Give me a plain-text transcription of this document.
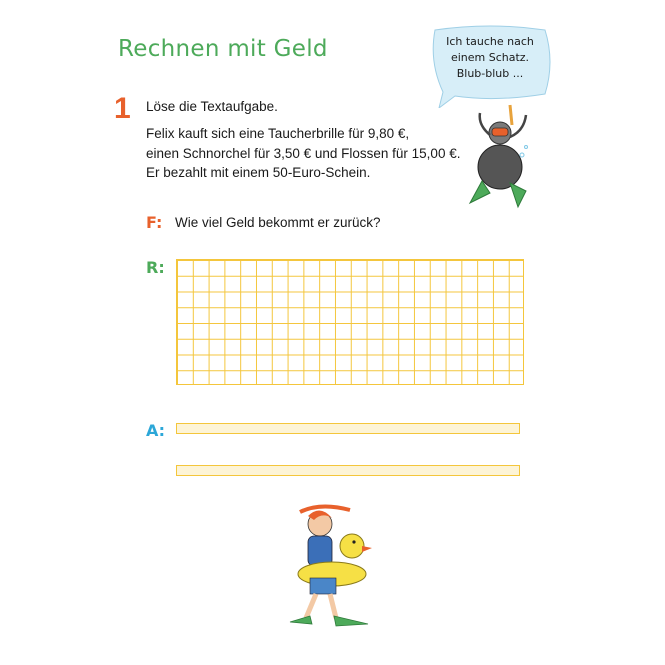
Rechnen mit Geld
1 Löse die Textaufgabe.
Felix kauft sich eine Taucherbrille für 9,80 €,
einen Schnorchel für 3,50 € und Flossen für 15,00 €.
Er bezahlt mit einem 50-Euro-Schein.
F: Wie viel Geld bekommt er zurück?
R:
A:
Ich tauche nach
einem Schatz.
Blub-blub ...
